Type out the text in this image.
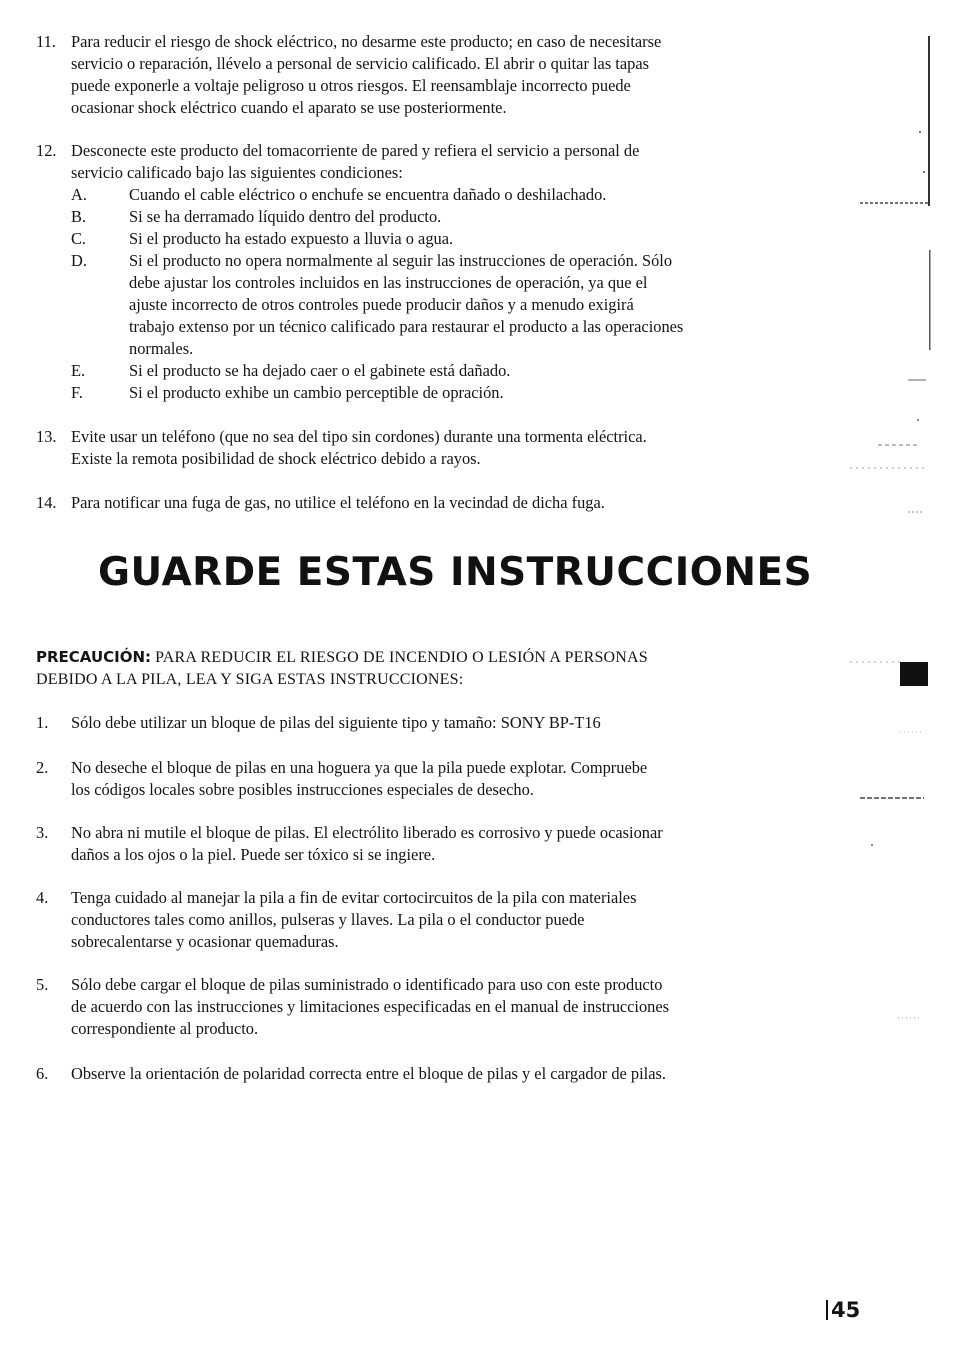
11. Para reducir el riesgo de shock eléctrico, no desarme este producto; en caso de necesitarse
servicio o reparación, llévelo a personal de servicio calificado. El abrir o quitar las tapas
puede exponerle a voltaje peligroso u otros riesgos. El reensamblaje incorrecto puede
ocasionar shock eléctrico cuando el aparato se use posteriormente.
12. Desconecte este producto del tomacorriente de pared y refiera el servicio a personal de
servicio calificado bajo las siguientes condiciones:
A.	Cuando el cable eléctrico o enchufe se encuentra dañado o deshilachado.
B.	Si se ha derramado líquido dentro del producto.
C.	Si el producto ha estado expuesto a lluvia o agua.
D.	Si el producto no opera normalmente al seguir las instrucciones de operación. Sólo
debe ajustar los controles incluidos en las instrucciones de operación, ya que el
ajuste incorrecto de otros controles puede producir daños y a menudo exigirá
trabajo extenso por un técnico calificado para restaurar el producto a las operaciones
normales.
E.	Si el producto se ha dejado caer o el gabinete está dañado.
F.	Si el producto exhibe un cambio perceptible de opración.
13. Evite usar un teléfono (que no sea del tipo sin cordones) durante una tormenta eléctrica.
Existe la remota posibilidad de shock eléctrico debido a rayos.
14. Para notificar una fuga de gas, no utilice el teléfono en la vecindad de dicha fuga.
GUARDE ESTAS INSTRUCCIONES
PRECAUCIÓN: PARA REDUCIR EL RIESGO DE INCENDIO O LESIÓN A PERSONAS
DEBIDO A LA PILA, LEA Y SIGA ESTAS INSTRUCCIONES:
1. Sólo debe utilizar un bloque de pilas del siguiente tipo y tamaño: SONY BP-T16
2. No deseche el bloque de pilas en una hoguera ya que la pila puede explotar. Compruebe
los códigos locales sobre posibles instrucciones especiales de desecho.
3. No abra ni mutile el bloque de pilas. El electrólito liberado es corrosivo y puede ocasionar
daños a los ojos o la piel. Puede ser tóxico si se ingiere.
4. Tenga cuidado al manejar la pila a fin de evitar cortocircuitos de la pila con materiales
conductores tales como anillos, pulseras y llaves. La pila o el conductor puede
sobrecalentarse y ocasionar quemaduras.
5. Sólo debe cargar el bloque de pilas suministrado o identificado para uso con este producto
de acuerdo con las instrucciones y limitaciones especificadas en el manual de instrucciones
correspondiente al producto.
6. Observe la orientación de polaridad correcta entre el bloque de pilas y el cargador de pilas.
45
